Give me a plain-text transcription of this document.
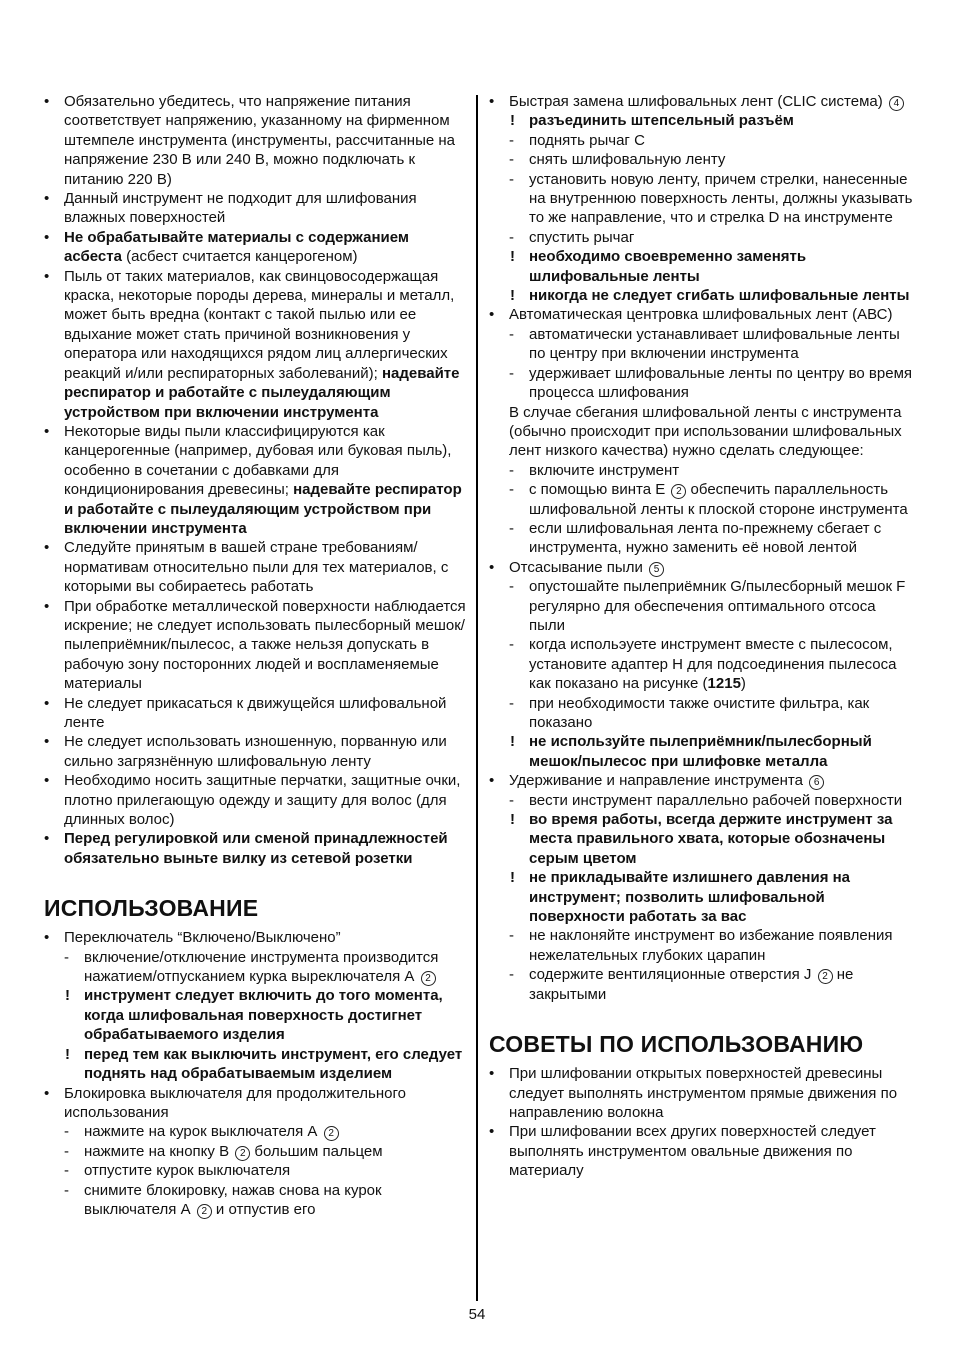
• Обязательно убедитесь, что напряжение питания соответствует напряжению, указанному на фирменном штемпеле инструмента (инструменты, рассчитанные на напряжение 230 В или 240 В, можно подключать к питанию 220 В)
• Данный инструмент не подходит для шлифования влажных поверхностей
• Не обрабатывайте материалы с содержанием асбеста (асбест считается канцерогеном)
• Пыль от таких материалов, как свинцовосодержащая краска, некоторые породы дерева, минералы и металл, может быть вредна (контакт с такой пылью или ее вдыхание может стать причиной возникновения у оператора или находящихся рядом лиц аллергических реакций и/или респираторных заболеваний); надевайте респиратор и работайте с пылеудаляющим устройством при включении инструмента
• Некоторые виды пыли классифицируются как канцерогенные (например, дубовая или буковая пыль), особенно в сочетании с добавками для кондиционирования древесины; надевайте респиратор и работайте с пылеудаляющим устройством при включении инструмента
• Следуйте принятым в вашей стране требованиям/нормативам относительно пыли для тех материалов, с которыми вы собираетесь работать
• При обработке металлической поверхности наблюдается искрение; не следует использовать пылесборный мешок/пылеприёмник/пылесос, а также нельзя допускать в рабочую зону посторонних людей и воспламеняемые материалы
• Не следует прикасаться к движущейся шлифовальной ленте
• Не следует использовать изношенную, порванную или сильно загрязнённую шлифовальную ленту
• Необходимо носить защитные перчатки, защитные очки, плотно прилегающую одежду и защиту для волос (для длинных волос)
• Перед регулировкой или сменой принадлежностей обязательно выньте вилку из сетевой розетки
ИСПОЛЬЗОВАНИЕ
• Переключатель “Включено/Выключено”
- включение/отключение инструмента производится нажатием/отпусканием курка выреключателя А 2
! инструмент следует включить до того момента, когда шлифовальная поверхность достигнет обрабатываемого изделия
! перед тем как выключить инструмент, его следует поднять над обрабатываемым изделием
• Блокировка выключателя для продолжительного использования
- нажмите на курок выключателя А 2
- нажмите на кнопку В 2 большим пальцем
- отпустите курок выключателя
- снимите блокировку, нажав снова на курок выключателя А 2 и отпустив его
• Быстрая замена шлифовальных лент (CLIC система) 4
! разъединить штепсельный разъём
- поднять рычаг С
- снять шлифовальную ленту
- установить новую ленту, причем стрелки, нанесенные на внутреннюю поверхность ленты, должны указывать то же направление, что и стрелка D на инструменте
- спустить рычаг
! необходимо своевременно заменять шлифовальные ленты
! никогда не следует сгибать шлифовальные ленты
• Автоматическая центровка шлифовальных лент (АВС)
- автоматически устанавливает шлифовальные ленты по центру при включении инструмента
- удерживает шлифовальные ленты по центру во время процесса шлифования
В случае сбегания шлифовальной ленты с инструмента (обычно происходит при использовании шлифовальных лент низкого качества) нужно сделать следующее:
- включите инструмент
- с помощью винта Е 2 обеспечить параллельность шлифовальной ленты к плоской стороне инструмента
- если шлифовальная лента по-прежнему сбегает с инструмента, нужно заменить её новой лентой
• Отсасывание пыли 5
- опустошайте пылеприёмник G/пылесборный мешок F регулярно для обеспечения оптимального отсоса пыли
- когда испольэуете инструмент вместе с пылесосом, установите адаптер Н для подсоединения пылесоса как показано на рисунке (1215)
- при необходимости также очистите фильтра, как показано
! не используйте пылеприёмник/пылесборный мешок/пылесос при шлифовке металла
• Удерживание и направление инструмента 6
- вести инструмент параллельно рабочей поверхности
! во время работы, всегда держите инструмент за места правильного хвата, которые обозначены серым цветом
! не прикладывайте излишнего давления на инструмент; позволить шлифовальной поверхности работать за вас
- не наклоняйте инструмент во избежание появления нежелательных глубоких царапин
- содержите вентиляционные отверстия J 2 не закрытыми
СОВЕТЫ ПО ИСПОЛЬЗОВАНИЮ
• При шлифовании открытых поверхностей древесины следует выполнять инструментом прямые движения по направлению волокна
• При шлифовании всех других поверхностей следует выполнять инструментом овальные движения по материалу
54
